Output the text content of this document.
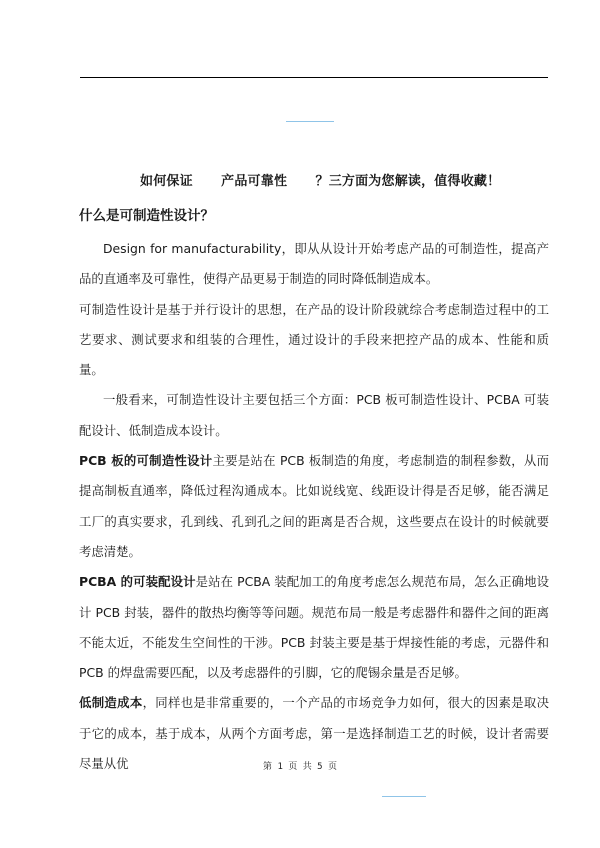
如何保证      产品可靠性      ？三方面为您解读，值得收藏！
什么是可制造性设计？

Design for manufacturability，即从从设计开始考虑产品的可制造性，提高产品的直通率及可靠性，使得产品更易于制造的同时降低制造成本。

可制造性设计是基于并行设计的思想，在产品的设计阶段就综合考虑制造过程中的工艺要求、测试要求和组装的合理性，通过设计的手段来把控产品的成本、性能和质量。

一般看来，可制造性设计主要包括三个方面：PCB 板可制造性设计、PCBA 可装配设计、低制造成本设计。

PCB 板的可制造性设计主要是站在 PCB 板制造的角度，考虑制造的制程参数，从而提高制板直通率，降低过程沟通成本。比如说线宽、线距设计得是否足够，能否满足工厂的真实要求，孔到线、孔到孔之间的距离是否合规，这些要点在设计的时候就要考虑清楚。

PCBA 的可装配设计是站在 PCBA 装配加工的角度考虑怎么规范布局，怎么正确地设计 PCB 封装，器件的散热均衡等等问题。规范布局一般是考虑器件和器件之间的距离不能太近，不能发生空间性的干涉。PCB 封装主要是基于焊接性能的考虑，元器件和 PCB 的焊盘需要匹配，以及考虑器件的引脚，它的爬锡余量是否足够。

低制造成本，同样也是非常重要的，一个产品的市场竞争力如何，很大的因素是取决于它的成本，基于成本，从两个方面考虑，第一是选择制造工艺的时候，设计者需要尽量从优	第 1 页 共 5 页
